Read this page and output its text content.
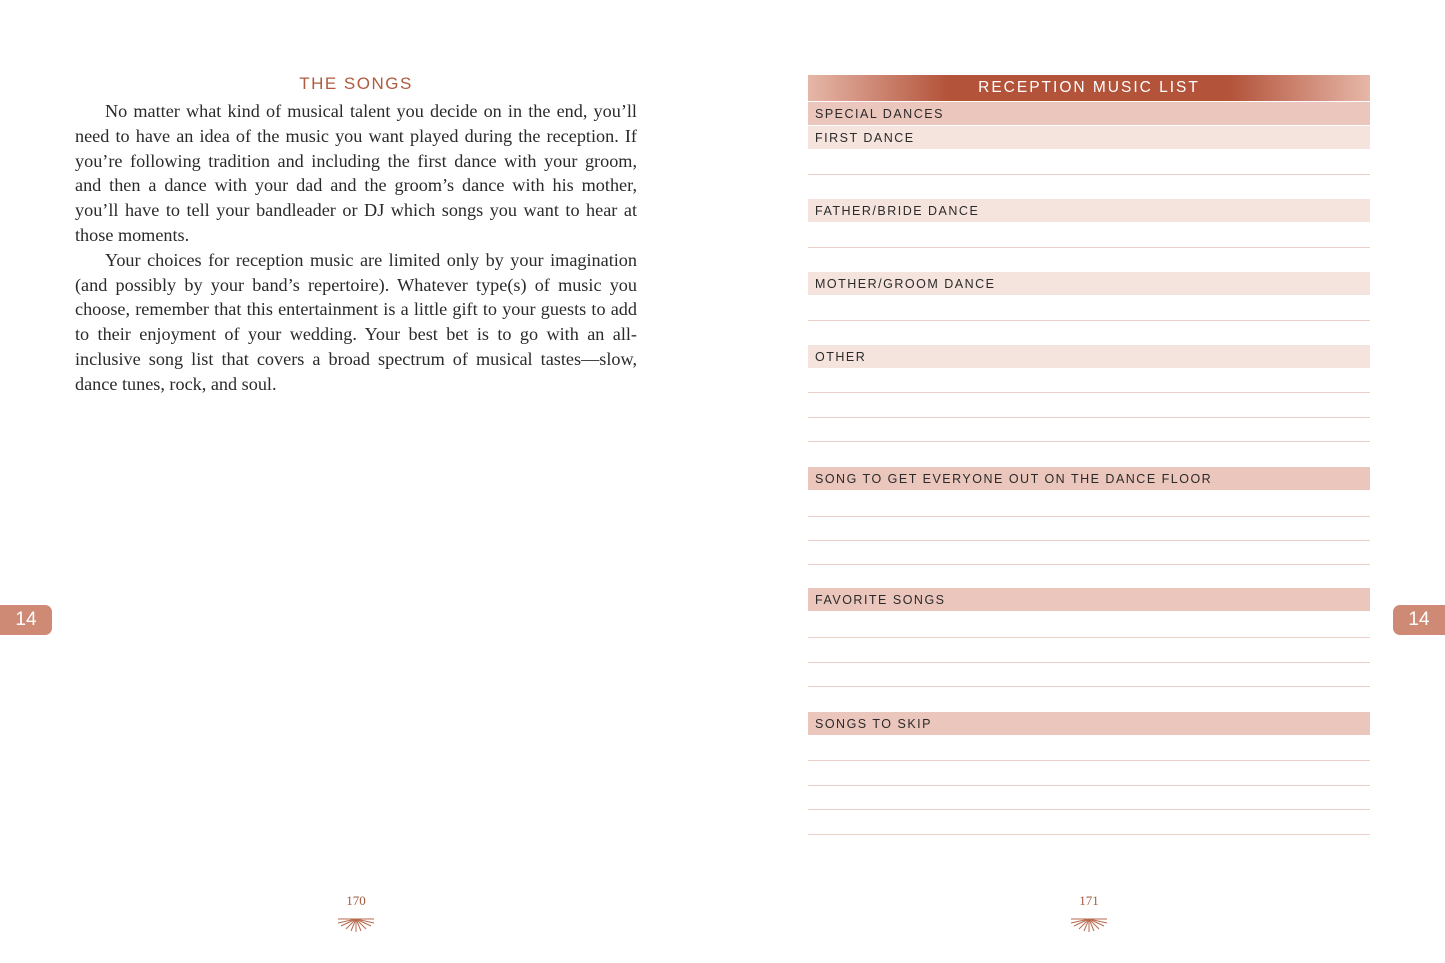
THE SONGS

No matter what kind of musical talent you decide on in the end, you’ll need to have an idea of the music you want played during the reception. If you’re following tradition and including the first dance with your groom, and then a dance with your dad and the groom’s dance with his mother, you’ll have to tell your bandleader or DJ which songs you want to hear at those moments.

Your choices for reception music are limited only by your imagination (and possibly by your band’s repertoire). Whatever type(s) of music you choose, remember that this entertainment is a little gift to your guests to add to their enjoyment of your wedding. Your best bet is to go with an all-inclusive song list that covers a broad spectrum of musical tastes—slow, dance tunes, rock, and soul.

14	14
170	171
RECEPTION MUSIC LIST
SPECIAL DANCES
FIRST DANCE
FATHER/BRIDE DANCE
MOTHER/GROOM DANCE
OTHER
SONG TO GET EVERYONE OUT ON THE DANCE FLOOR
FAVORITE SONGS
SONGS TO SKIP
